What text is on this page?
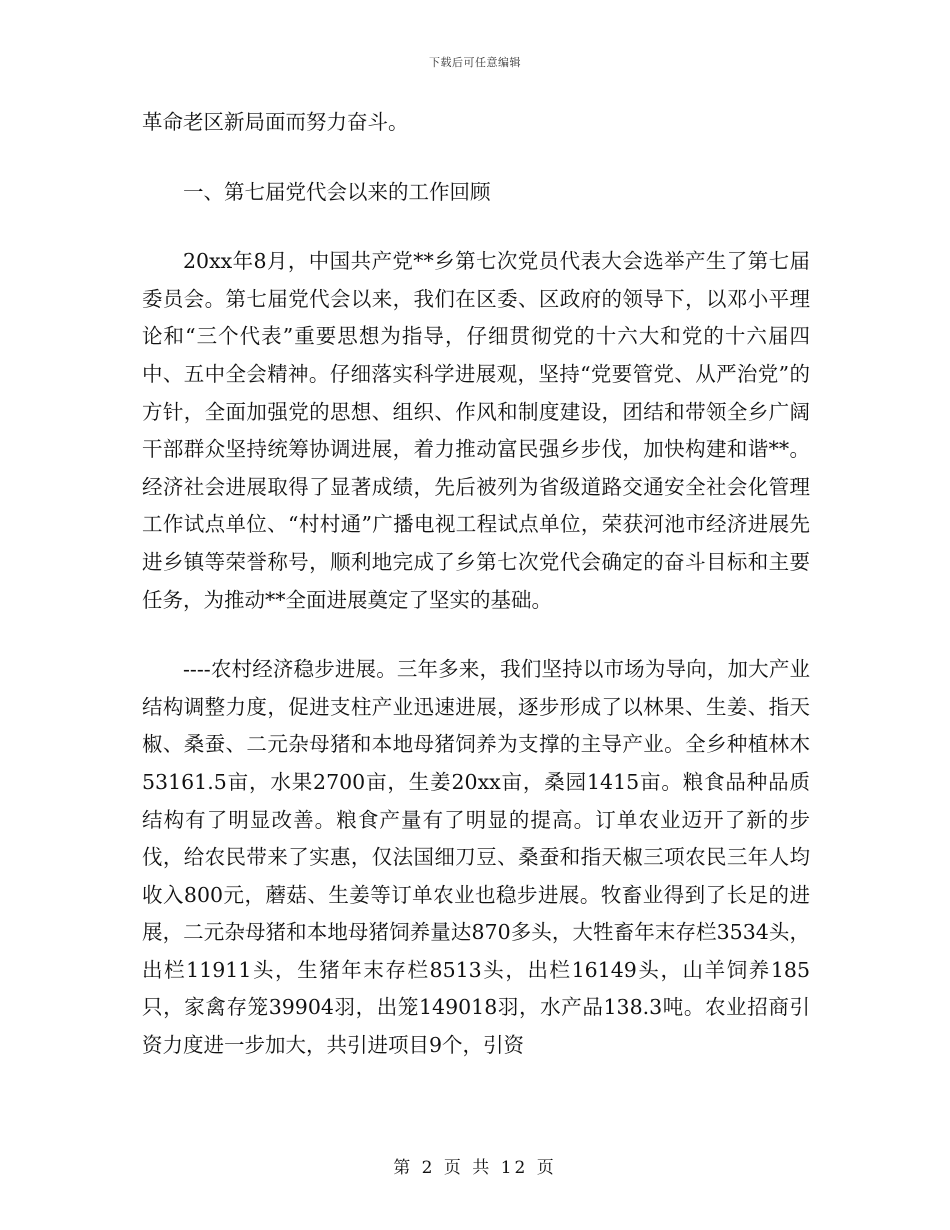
下载后可任意编辑

革命老区新局面而努力奋斗。

一、第七届党代会以来的工作回顾

20xx年8月，中国共产党**乡第七次党员代表大会选举产生了第七届委员会。第七届党代会以来，我们在区委、区政府的领导下，以邓小平理论和“三个代表”重要思想为指导，仔细贯彻党的十六大和党的十六届四中、五中全会精神。仔细落实科学进展观，坚持“党要管党、从严治党”的方针，全面加强党的思想、组织、作风和制度建设，团结和带领全乡广阔干部群众坚持统筹协调进展，着力推动富民强乡步伐，加快构建和谐**。经济社会进展取得了显著成绩，先后被列为省级道路交通安全社会化管理工作试点单位、“村村通”广播电视工程试点单位，荣获河池市经济进展先进乡镇等荣誉称号，顺利地完成了乡第七次党代会确定的奋斗目标和主要任务，为推动**全面进展奠定了坚实的基础。

----农村经济稳步进展。三年多来，我们坚持以市场为导向，加大产业结构调整力度，促进支柱产业迅速进展，逐步形成了以林果、生姜、指天椒、桑蚕、二元杂母猪和本地母猪饲养为支撑的主导产业。全乡种植林木53161.5亩，水果2700亩，生姜20xx亩，桑园1415亩。粮食品种品质结构有了明显改善。粮食产量有了明显的提高。订单农业迈开了新的步伐，给农民带来了实惠，仅法国细刀豆、桑蚕和指天椒三项农民三年人均收入800元，蘑菇、生姜等订单农业也稳步进展。牧畜业得到了长足的进展，二元杂母猪和本地母猪饲养量达870多头，大牲畜年末存栏3534头，出栏11911头，生猪年末存栏8513头，出栏16149头，山羊饲养185只，家禽存笼39904羽，出笼149018羽，水产品138.3吨。农业招商引资力度进一步加大，共引进项目9个，引资

第 2 页 共 12 页
